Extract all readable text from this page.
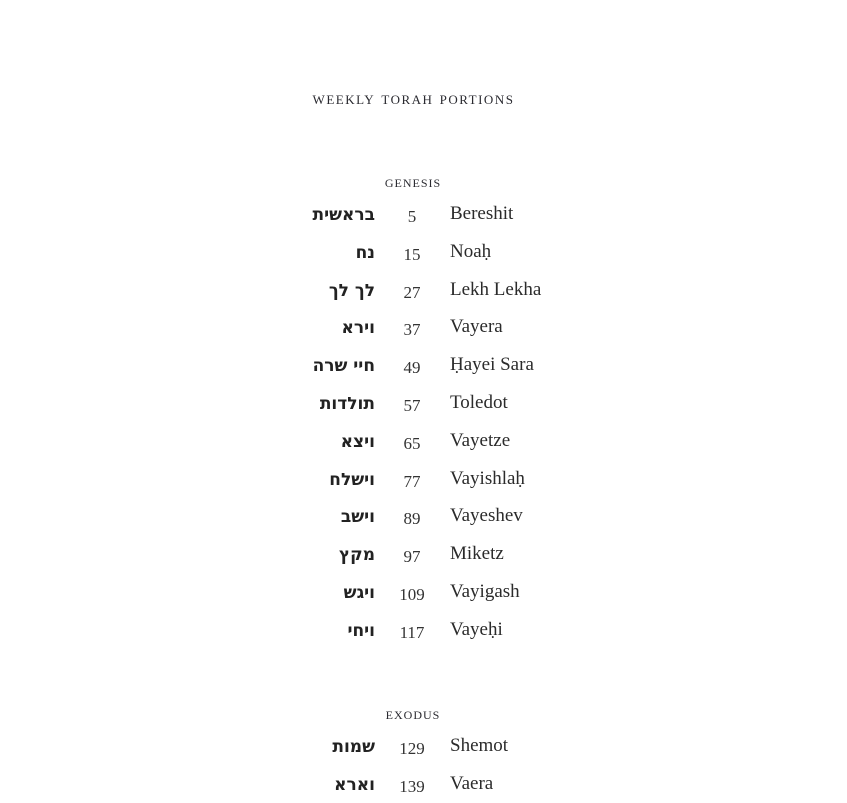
weekly torah portions
genesis
בראשית	5	Bereshit
נח	15	Noaḥ
לך לך	27	Lekh Lekha
וירא	37	Vayera
חיי שרה	49	Ḥayei Sara
תולדות	57	Toledot
ויצא	65	Vayetze
וישלח	77	Vayishlaḥ
וישב	89	Vayeshev
מקץ	97	Miketz
ויגש	109	Vayigash
ויחי	117	Vayeḥi
exodus
שמות	129	Shemot
וארא	139	Vaera
